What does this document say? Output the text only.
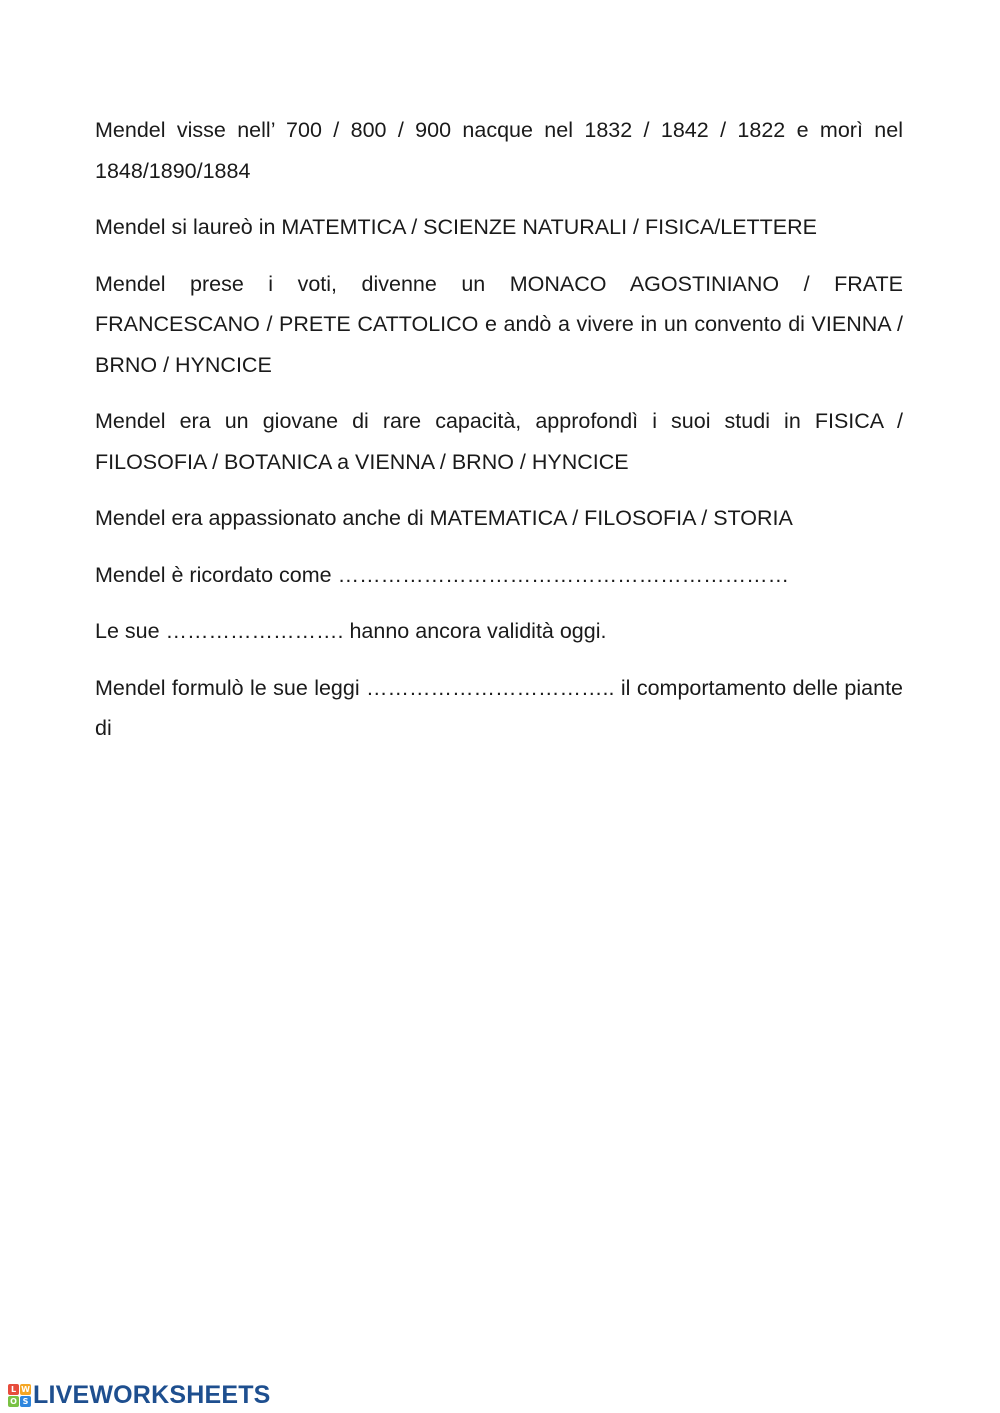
Mendel visse nell’ 700 / 800 / 900 nacque nel 1832 / 1842 / 1822 e morì nel 1848/1890/1884

Mendel si laureò in MATEMTICA / SCIENZE NATURALI / FISICA/LETTERE

Mendel prese i voti, divenne un MONACO AGOSTINIANO / FRATE FRANCESCANO / PRETE CATTOLICO e andò a vivere in un convento di VIENNA / BRNO / HYNCICE

Mendel era un giovane di rare capacità, approfondì i suoi studi in FISICA / FILOSOFIA / BOTANICA a VIENNA / BRNO / HYNCICE

Mendel era appassionato anche di MATEMATICA / FILOSOFIA / STORIA

Mendel è ricordato come ………………………………………………………

Le sue ……………………. hanno ancora validità oggi.

Mendel formulò le sue leggi …………………………….. il comportamento delle piante di

L W
O S LIVEWORKSHEETS
